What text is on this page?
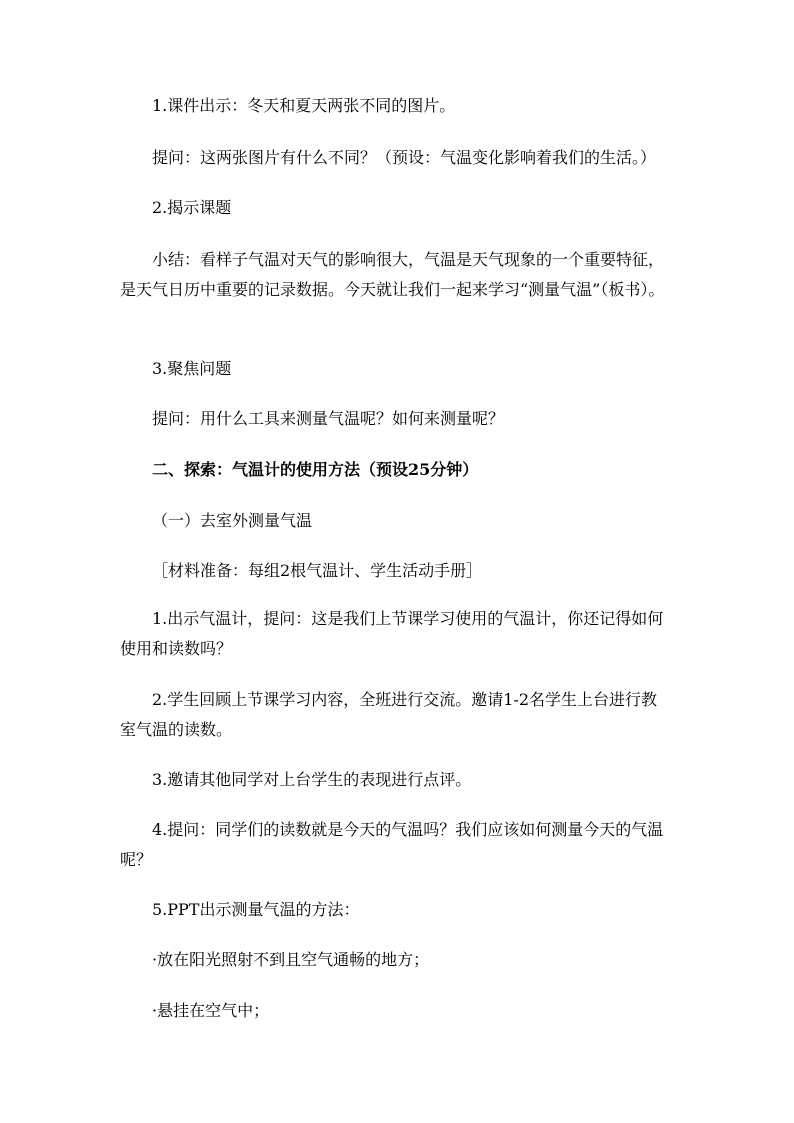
1.课件出示：冬天和夏天两张不同的图片。

提问：这两张图片有什么不同？（预设：气温变化影响着我们的生活。）

2.揭示课题

小结：看样子气温对天气的影响很大，气温是天气现象的一个重要特征，是天气日历中重要的记录数据。今天就让我们一起来学习“测量气温”（板书）。

3.聚焦问题

提问：用什么工具来测量气温呢？如何来测量呢？

二、探索：气温计的使用方法（预设25分钟）

（一）去室外测量气温

［材料准备：每组2根气温计、学生活动手册］

1.出示气温计，提问：这是我们上节课学习使用的气温计，你还记得如何使用和读数吗？

2.学生回顾上节课学习内容，全班进行交流。邀请1-2名学生上台进行教室气温的读数。

3.邀请其他同学对上台学生的表现进行点评。

4.提问：同学们的读数就是今天的气温吗？我们应该如何测量今天的气温呢？

5.PPT出示测量气温的方法：

·放在阳光照射不到且空气通畅的地方；

·悬挂在空气中；
